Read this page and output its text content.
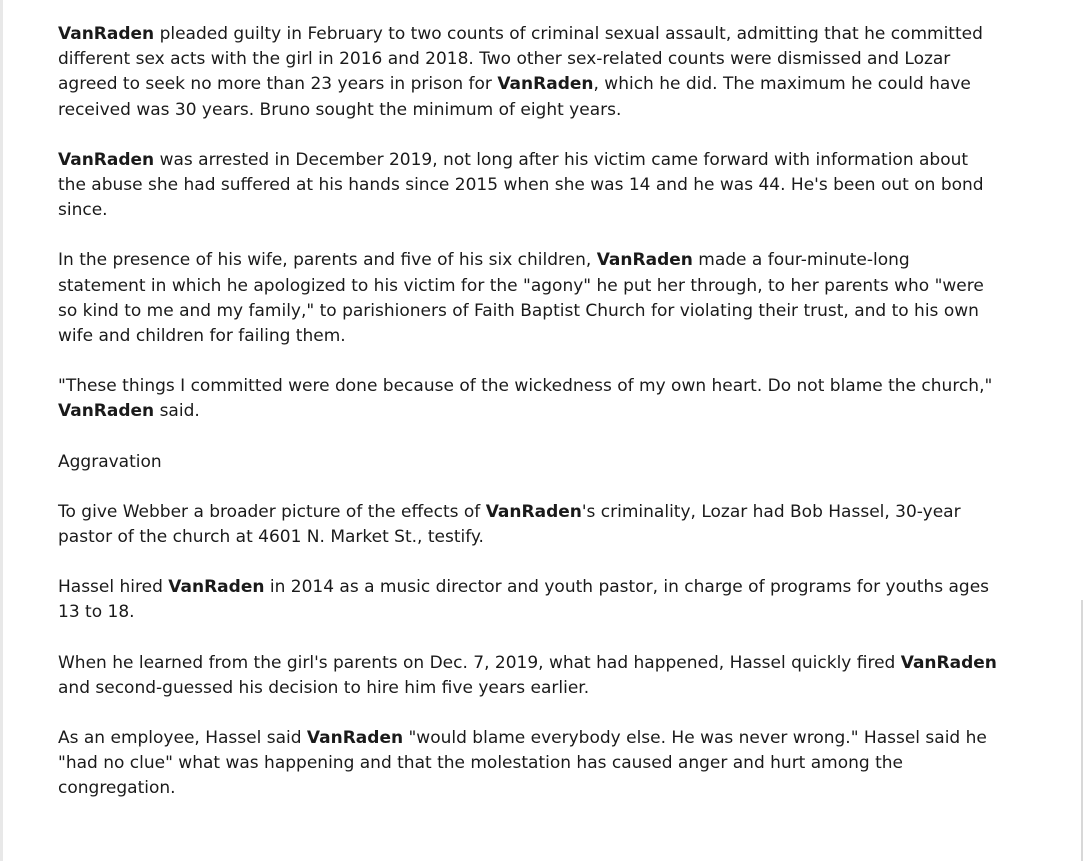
VanRaden pleaded guilty in February to two counts of criminal sexual assault, admitting that he committed different sex acts with the girl in 2016 and 2018. Two other sex-related counts were dismissed and Lozar agreed to seek no more than 23 years in prison for VanRaden, which he did. The maximum he could have received was 30 years. Bruno sought the minimum of eight years.

VanRaden was arrested in December 2019, not long after his victim came forward with information about the abuse she had suffered at his hands since 2015 when she was 14 and he was 44. He's been out on bond since.

In the presence of his wife, parents and five of his six children, VanRaden made a four-minute-long statement in which he apologized to his victim for the "agony" he put her through, to her parents who "were so kind to me and my family," to parishioners of Faith Baptist Church for violating their trust, and to his own wife and children for failing them.

"These things I committed were done because of the wickedness of my own heart. Do not blame the church," VanRaden said.

Aggravation

To give Webber a broader picture of the effects of VanRaden's criminality, Lozar had Bob Hassel, 30-year pastor of the church at 4601 N. Market St., testify.

Hassel hired VanRaden in 2014 as a music director and youth pastor, in charge of programs for youths ages 13 to 18.

When he learned from the girl's parents on Dec. 7, 2019, what had happened, Hassel quickly fired VanRaden and second-guessed his decision to hire him five years earlier.

As an employee, Hassel said VanRaden "would blame everybody else. He was never wrong." Hassel said he "had no clue" what was happening and that the molestation has caused anger and hurt among the congregation.
